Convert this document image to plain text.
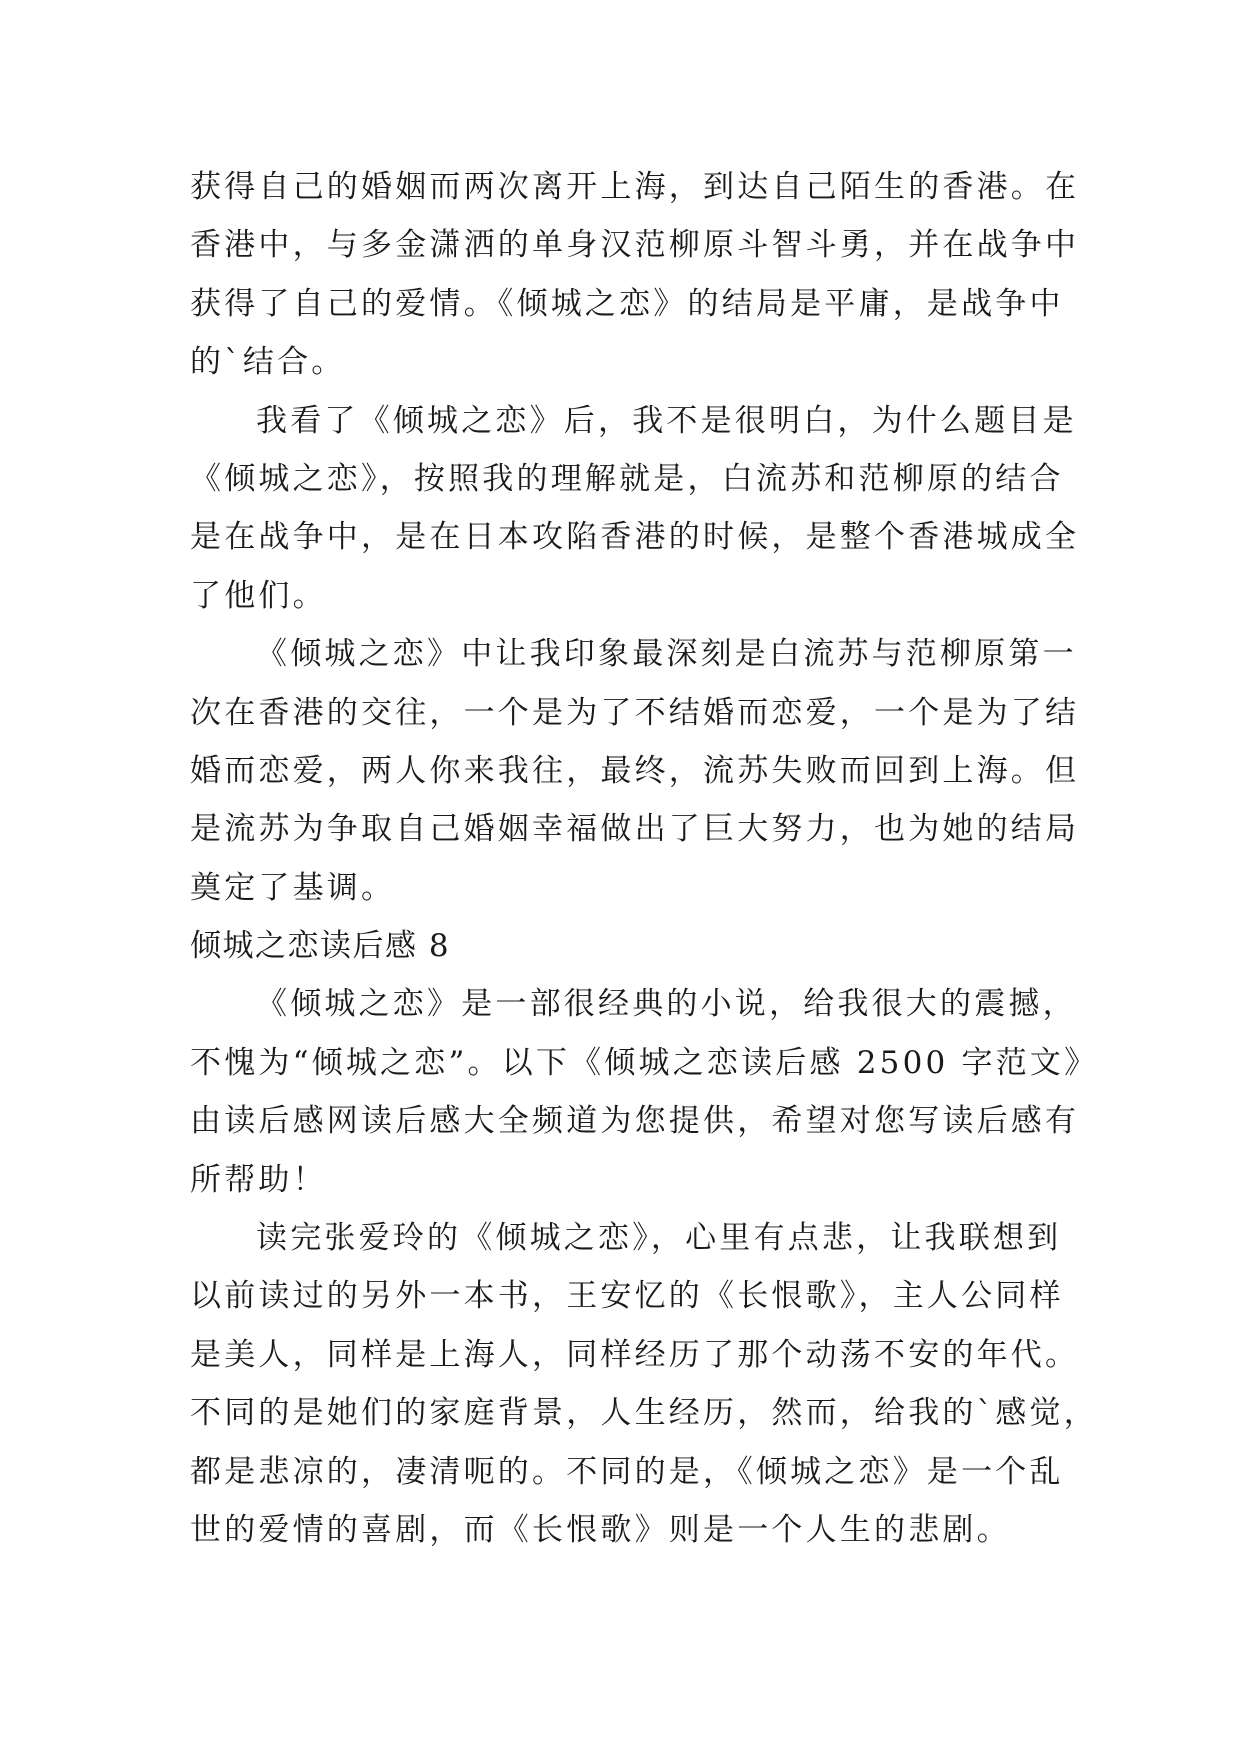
获得自己的婚姻而两次离开上海，到达自己陌生的香港。在
香港中，与多金潇洒的单身汉范柳原斗智斗勇，并在战争中
获得了自己的爱情。《倾城之恋》的结局是平庸，是战争中
的`结合。
我看了《倾城之恋》后，我不是很明白，为什么题目是
《倾城之恋》，按照我的理解就是，白流苏和范柳原的结合
是在战争中，是在日本攻陷香港的时候，是整个香港城成全
了他们。
《倾城之恋》中让我印象最深刻是白流苏与范柳原第一
次在香港的交往，一个是为了不结婚而恋爱，一个是为了结
婚而恋爱，两人你来我往，最终，流苏失败而回到上海。但
是流苏为争取自己婚姻幸福做出了巨大努力，也为她的结局
奠定了基调。
倾城之恋读后感 8
《倾城之恋》是一部很经典的小说，给我很大的震撼，
不愧为“倾城之恋”。以下《倾城之恋读后感 2500 字范文》
由读后感网读后感大全频道为您提供，希望对您写读后感有
所帮助！
读完张爱玲的《倾城之恋》，心里有点悲，让我联想到
以前读过的另外一本书，王安忆的《长恨歌》，主人公同样
是美人，同样是上海人，同样经历了那个动荡不安的年代。
不同的是她们的家庭背景，人生经历，然而，给我的`感觉，
都是悲凉的，凄清呃的。不同的是，《倾城之恋》是一个乱
世的爱情的喜剧，而《长恨歌》则是一个人生的悲剧。
